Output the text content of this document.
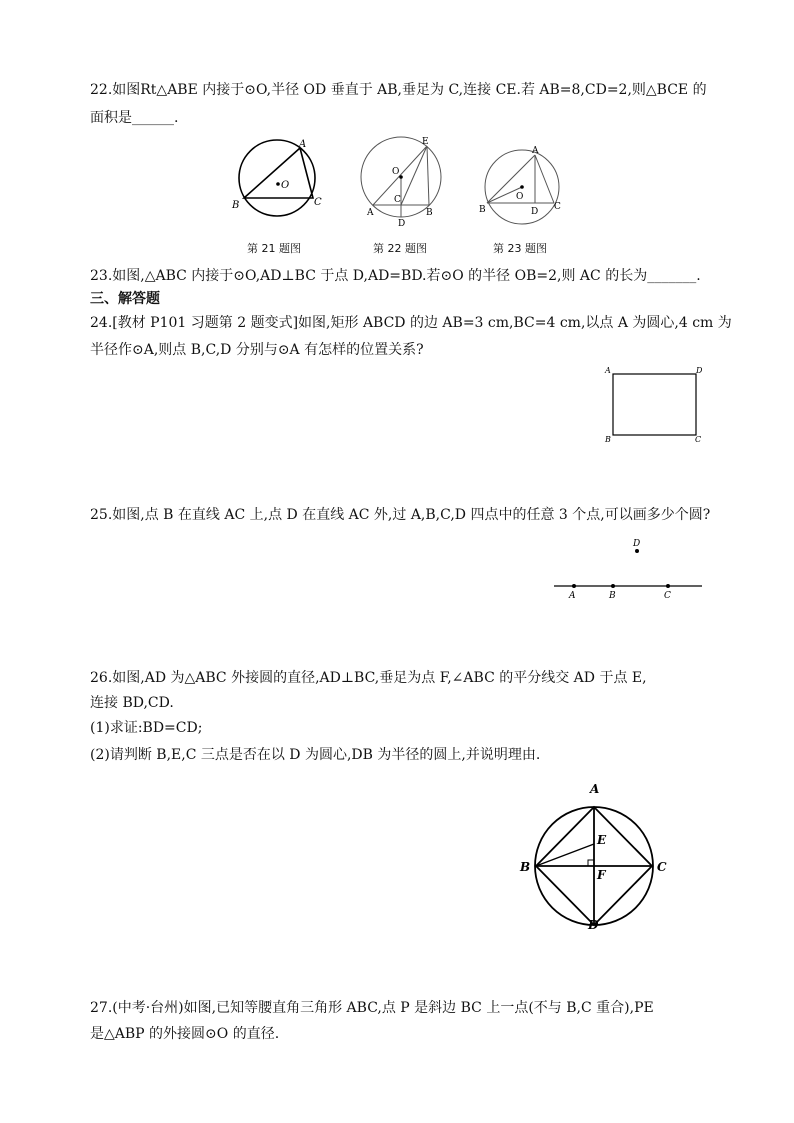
22.如图Rt△ABE 内接于⊙O,半径 OD 垂直于 AB,垂足为 C,连接 CE.若 AB=8,CD=2,则△BCE 的
面积是______.
O
A
B	C
第 21 题图
E
O
C
A	B
D
第 22 题图
A
O
B	D C
第 23 题图
23.如图,△ABC 内接于⊙O,AD⊥BC 于点 D,AD=BD.若⊙O 的半径 OB=2,则 AC 的长为_______.
三、解答题
24.[教材 P101 习题第 2 题变式]如图,矩形 ABCD 的边 AB=3 cm,BC=4 cm,以点 A 为圆心,4 cm 为
半径作⊙A,则点 B,C,D 分别与⊙A 有怎样的位置关系?
A	D
B	C
25.如图,点 B 在直线 AC 上,点 D 在直线 AC 外,过 A,B,C,D 四点中的任意 3 个点,可以画多少个圆?
D
A	B	C
26.如图,AD 为△ABC 外接圆的直径,AD⊥BC,垂足为点 F,∠ABC 的平分线交 AD 于点 E,
连接 BD,CD.
(1)求证:BD=CD;
(2)请判断 B,E,C 三点是否在以 D 为圆心,DB 为半径的圆上,并说明理由.
A
B	C
D
E
F
27.(中考·台州)如图,已知等腰直角三角形 ABC,点 P 是斜边 BC 上一点(不与 B,C 重合),PE
是△ABP 的外接圆⊙O 的直径.
